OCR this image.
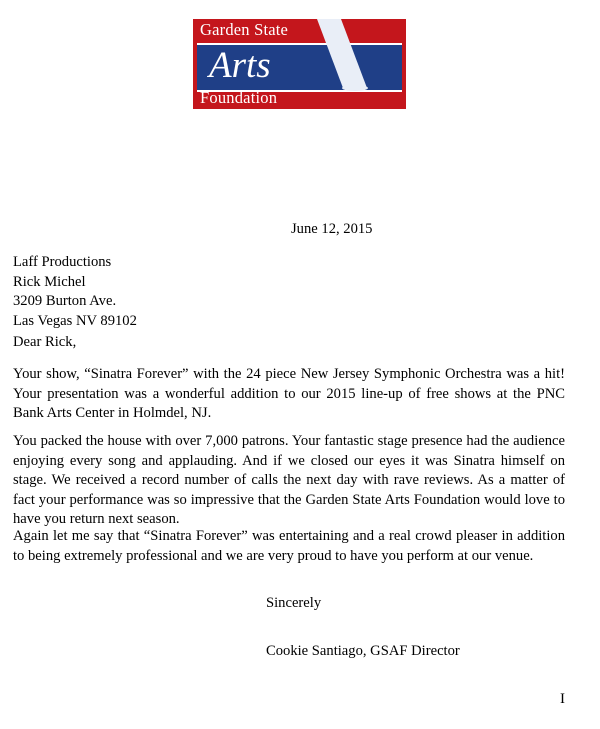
Garden State
Arts
Foundation
June 12, 2015
Laff Productions
Rick Michel
3209 Burton Ave.
Las Vegas NV 89102
Dear Rick,
Your show, “Sinatra Forever” with the 24 piece New Jersey Symphonic Orchestra was a hit! Your presentation was a wonderful addition to our 2015 line-up of free shows at the PNC Bank Arts Center in Holmdel, NJ.
You packed the house with over 7,000 patrons. Your fantastic stage presence had the audience enjoying every song and applauding. And if we closed our eyes it was Sinatra himself on stage. We received a record number of calls the next day with rave reviews. As a matter of fact your performance was so impressive that the Garden State Arts Foundation would love to have you return next season.
Again let me say that “Sinatra Forever” was entertaining and a real crowd pleaser in addition to being extremely professional and we are very proud to have you perform at our venue.
Sincerely
Cookie Santiago, GSAF Director
I
